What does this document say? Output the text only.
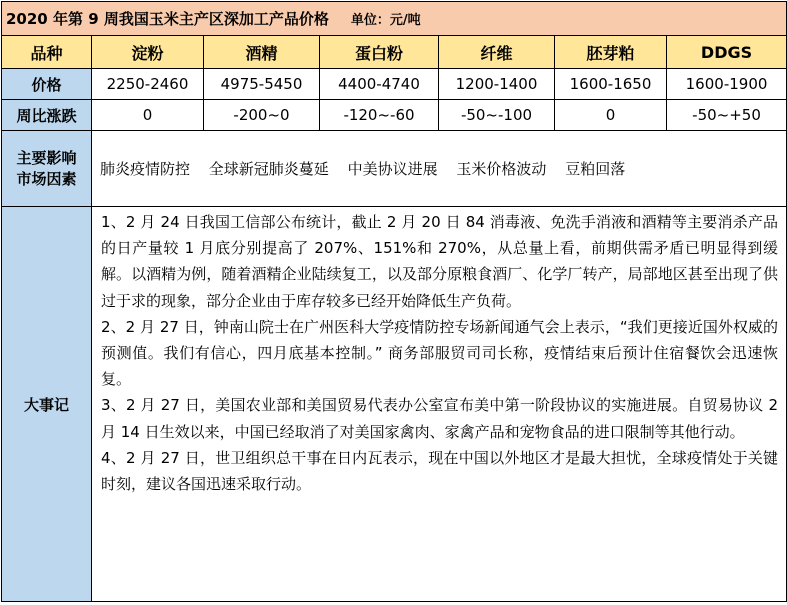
2020 年第 9 周我国玉米主产区深加工产品价格 单位：元/吨						
品种	淀粉	酒精	蛋白粉	纤维	胚芽粕	DDGS
价格	2250-2460	4975-5450	4400-4740	1200-1400	1600-1650	1600-1900
周比涨跌	0	-200~0	-120~-60	-50~-100	0	-50~+50

主要影响
市场因素	肺炎疫情防控 全球新冠肺炎蔓延 中美协议进展 玉米价格波动 豆粕回落					
大事记	1、2 月 24 日我国工信部公布统计，截止 2 月 20 日 84 消毒液、免洗手消液和酒精等主要消杀产品的日产量较 1 月底分别提高了 207%、151%和 270%，从总量上看，前期供需矛盾已明显得到缓解。以酒精为例，随着酒精企业陆续复工，以及部分原粮食酒厂、化学厂转产，局部地区甚至出现了供过于求的现象，部分企业由于库存较多已经开始降低生产负荷。

2、2 月 27 日，钟南山院士在广州医科大学疫情防控专场新闻通气会上表示，“我们更接近国外权威的预测值。我们有信心，四月底基本控制。” 商务部服贸司司长称，疫情结束后预计住宿餐饮会迅速恢复。

3、2 月 27 日，美国农业部和美国贸易代表办公室宣布美中第一阶段协议的实施进展。自贸易协议 2 月 14 日生效以来，中国已经取消了对美国家禽肉、家禽产品和宠物食品的进口限制等其他行动。

4、2 月 27 日，世卫组织总干事在日内瓦表示，现在中国以外地区才是最大担忧，全球疫情处于关键时刻，建议各国迅速采取行动。					
